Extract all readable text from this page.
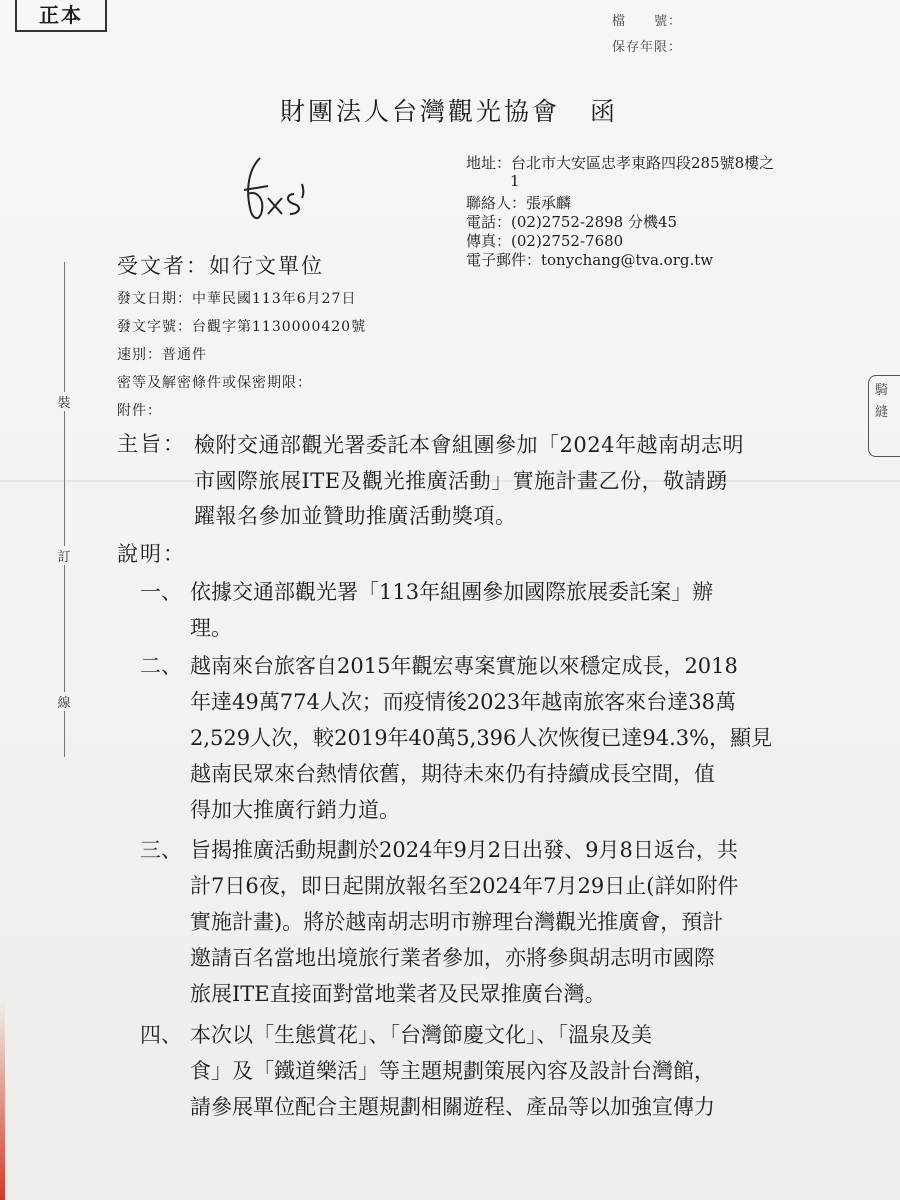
正本	檔　　號：
保存年限：
財團法人台灣觀光協會 函
地址：台北市大安區忠孝東路四段285號8樓之
1
聯絡人：張承麟
電話：(02)2752-2898 分機45
傳真：(02)2752-7680
電子郵件：tonychang@tva.org.tw
裝
訂
線
騎
縫
受文者：如行文單位
發文日期：中華民國113年6月27日
發文字號：台觀字第1130000420號
速別：普通件
密等及解密條件或保密期限：
附件：
主旨： 檢附交通部觀光署委託本會組團參加「2024年越南胡志明
市國際旅展ITE及觀光推廣活動」實施計畫乙份，敬請踴
躍報名參加並贊助推廣活動獎項。
說明：
一、 依據交通部觀光署「113年組團參加國際旅展委託案」辦
理。
二、 越南來台旅客自2015年觀宏專案實施以來穩定成長，2018
年達49萬774人次；而疫情後2023年越南旅客來台達38萬
2,529人次，較2019年40萬5,396人次恢復已達94.3%，顯見
越南民眾來台熱情依舊，期待未來仍有持續成長空間，值
得加大推廣行銷力道。
三、 旨揭推廣活動規劃於2024年9月2日出發、9月8日返台，共
計7日6夜，即日起開放報名至2024年7月29日止(詳如附件
實施計畫)。將於越南胡志明市辦理台灣觀光推廣會，預計
邀請百名當地出境旅行業者參加，亦將參與胡志明市國際
旅展ITE直接面對當地業者及民眾推廣台灣。
四、 本次以「生態賞花」、「台灣節慶文化」、「溫泉及美
食」及「鐵道樂活」等主題規劃策展內容及設計台灣館，
請參展單位配合主題規劃相關遊程、產品等以加強宣傳力
